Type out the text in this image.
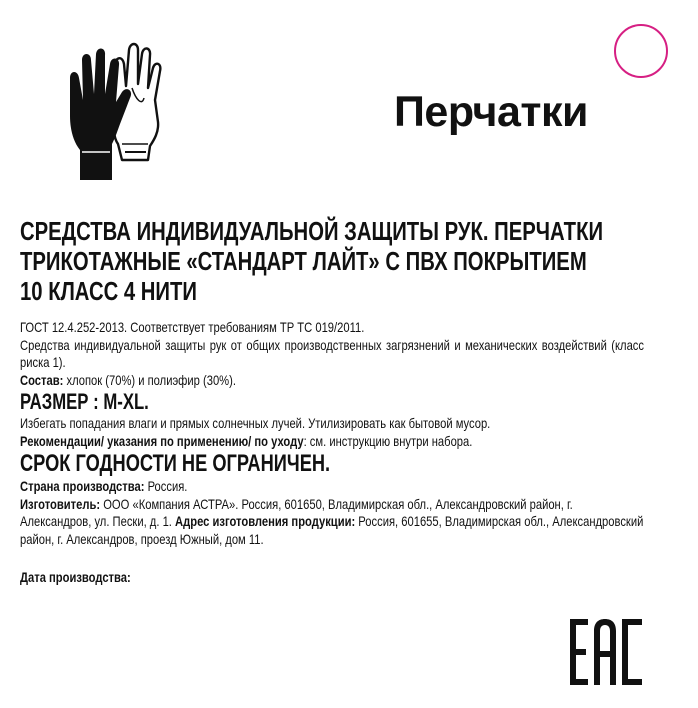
Перчатки
СРЕДСТВА ИНДИВИДУАЛЬНОЙ ЗАЩИТЫ РУК. ПЕРЧАТКИ
ТРИКОТАЖНЫЕ «СТАНДАРТ ЛАЙТ» С ПВХ ПОКРЫТИЕМ
10 КЛАСС 4 НИТИ

ГОСТ 12.4.252-2013. Соответствует требованиям ТР ТС 019/2011.

Средства индивидуальной защиты рук от общих производственных загрязнений и механических воздействий (класс риска 1).

Состав: хлопок (70%) и полиэфир (30%).

РАЗМЕР : M-XL.

Избегать попадания влаги и прямых солнечных лучей. Утилизировать как бытовой мусор.

Рекомендации/ указания по применению/ по уходу: см. инструкцию внутри набора.

СРОК ГОДНОСТИ НЕ ОГРАНИЧЕН.

Страна производства: Россия.

Изготовитель: ООО «Компания АСТРА». Россия, 601650, Владимирская обл., Александровский район, г. Александров, ул. Пески, д. 1. Адрес изготовления продукции: Россия, 601655, Владимирская обл., Александровский район, г. Александров, проезд Южный, дом 11.

Дата производства:
